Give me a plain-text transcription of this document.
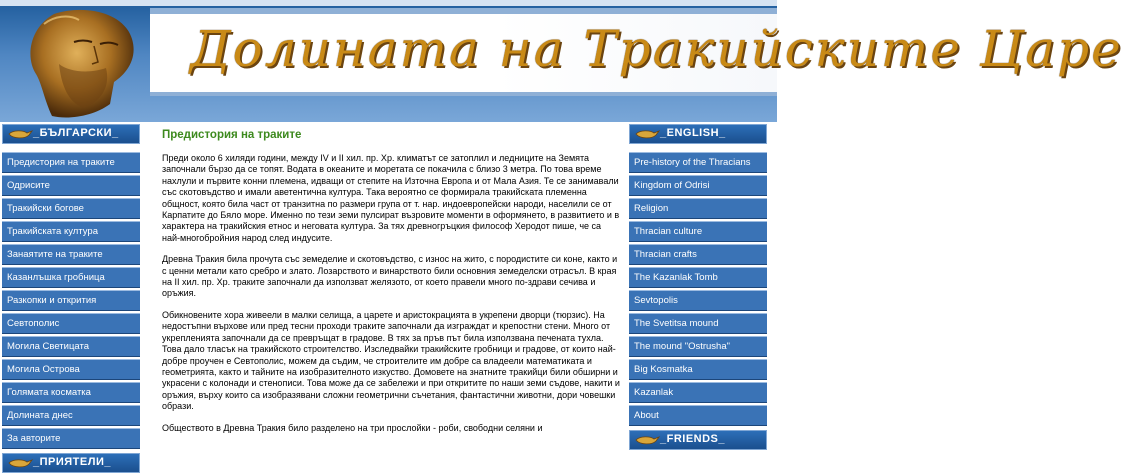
Долината на Тракийските Царе
_БЪЛГАРСКИ_
Предистория на траките
Одрисите
Тракийски богове
Тракийската култура
Занаятите на траките
Казанлъшка гробница
Разкопки и открития
Севтополис
Могила Светицата
Могила Острова
Голямата косматка
Долината днес
За авторите
_ПРИЯТЕЛИ_
Предистория на траките

Преди около 6 хиляди години, между IV и II хил. пр. Хр. климатът се затоплил и ледниците на Земята започнали бързо да се топят. Водата в океаните и моретата се покачила с близо 3 метра. По това време нахлули и първите конни племена, идващи от степите на Източна Европа и от Мала Азия. Те се занимавали със скотовъдство и имали аветентична култура. Така вероятно се формирала тракийската племенна общност, която била част от транзитна по размери група от т. нар. индоевропейски народи, населили се от Карпатите до Бяло море. Именно по тези земи пулсират възровите моменти в оформянето, в развитието и в характера на тракийския етнос и неговата култура. За тях древногръцкия философ Херодот пише, че са най-многобройния народ след индусите.

Древна Тракия била прочута със земеделие и скотовъдство, с износ на жито, с породистите си коне, както и с ценни метали като сребро и злато. Лозарството и винарството били основния земеделски отрасъл. В края на II хил. пр. Хр. траките започнали да използват желязото, от което правели много по-здрави сечива и оръжия.

Обикновените хора живеели в малки селища, а царете и аристокрацията в укрепени дворци (тюрзис). На недостъпни върхове или пред тесни проходи траките започнали да изграждат и крепостни стени. Много от укрепленията започнали да се превръщат в градове. В тях за пръв път била използвана печената тухла. Това дало тласък на тракийското строителство. Изследвайки тракийските гробници и градове, от които най-добре проучен е Севтополис, можем да съдим, че строителите им добре са владеели математиката и геометрията, както и тайните на изобразителното изкуство. Домовете на знатните тракийци били обширни и украсени с колонади и стенописи. Това може да се забележи и при откритите по наши земи съдове, накити и оръжия, върху които са изобразявани сложни геометрични съчетания, фантастични животни, дори човешки образи.

Обществото в Древна Тракия било разделено на три прослойки - роби, свободни селяни и

_ENGLISH_
Pre-history of the Thracians
Kingdom of Odrisi
Religion
Thracian culture
Thracian crafts
The Kazanlak Tomb
Sevtopolis
The Svetitsa mound
The mound "Ostrusha"
Big Kosmatka
Kazanlak
About
_FRIENDS_
